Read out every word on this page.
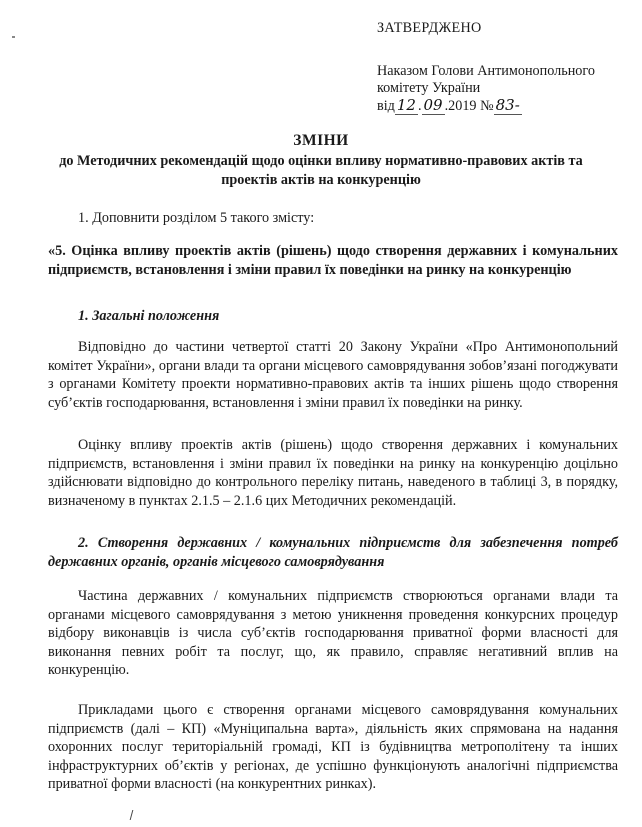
ЗАТВЕРДЖЕНО

Наказом Голови Антимонопольного

комітету України

від 12 . 09 .2019 № 83-

ЗМІНИ
до Методичних рекомендацій щодо оцінки впливу нормативно-правових актів та проектів актів на конкуренцію

1. Доповнити розділом 5 такого змісту:

«5. Оцінка впливу проектів актів (рішень) щодо створення державних і комунальних підприємств, встановлення і зміни правил їх поведінки на ринку на конкуренцію

1. Загальні положення

Відповідно до частини четвертої статті 20 Закону України «Про Антимонопольний комітет України», органи влади та органи місцевого самоврядування зобов’язані погоджувати з органами Комітету проекти нормативно-правових актів та інших рішень щодо створення суб’єктів господарювання, встановлення і зміни правил їх поведінки на ринку.

Оцінку впливу проектів актів (рішень) щодо створення державних і комунальних підприємств, встановлення і зміни правил їх поведінки на ринку на конкуренцію доцільно здійснювати відповідно до контрольного переліку питань, наведеного в таблиці 3, в порядку, визначеному в пунктах 2.1.5 – 2.1.6 цих Методичних рекомендацій.

2. Створення державних / комунальних підприємств для забезпечення потреб державних органів, органів місцевого самоврядування

Частина державних / комунальних підприємств створюються органами влади та органами місцевого самоврядування з метою уникнення проведення конкурсних процедур відбору виконавців із числа суб’єктів господарювання приватної форми власності для виконання певних робіт та послуг, що, як правило, справляє негативний вплив на конкуренцію.

Прикладами цього є створення органами місцевого самоврядування комунальних підприємств (далі – КП) «Муніципальна варта», діяльність яких спрямована на надання охоронних послуг територіальній громаді, КП із будівництва метрополітену та інших інфраструктурних об’єктів у регіонах, де успішно функціонують аналогічні підприємства приватної форми власності (на конкурентних ринках).
